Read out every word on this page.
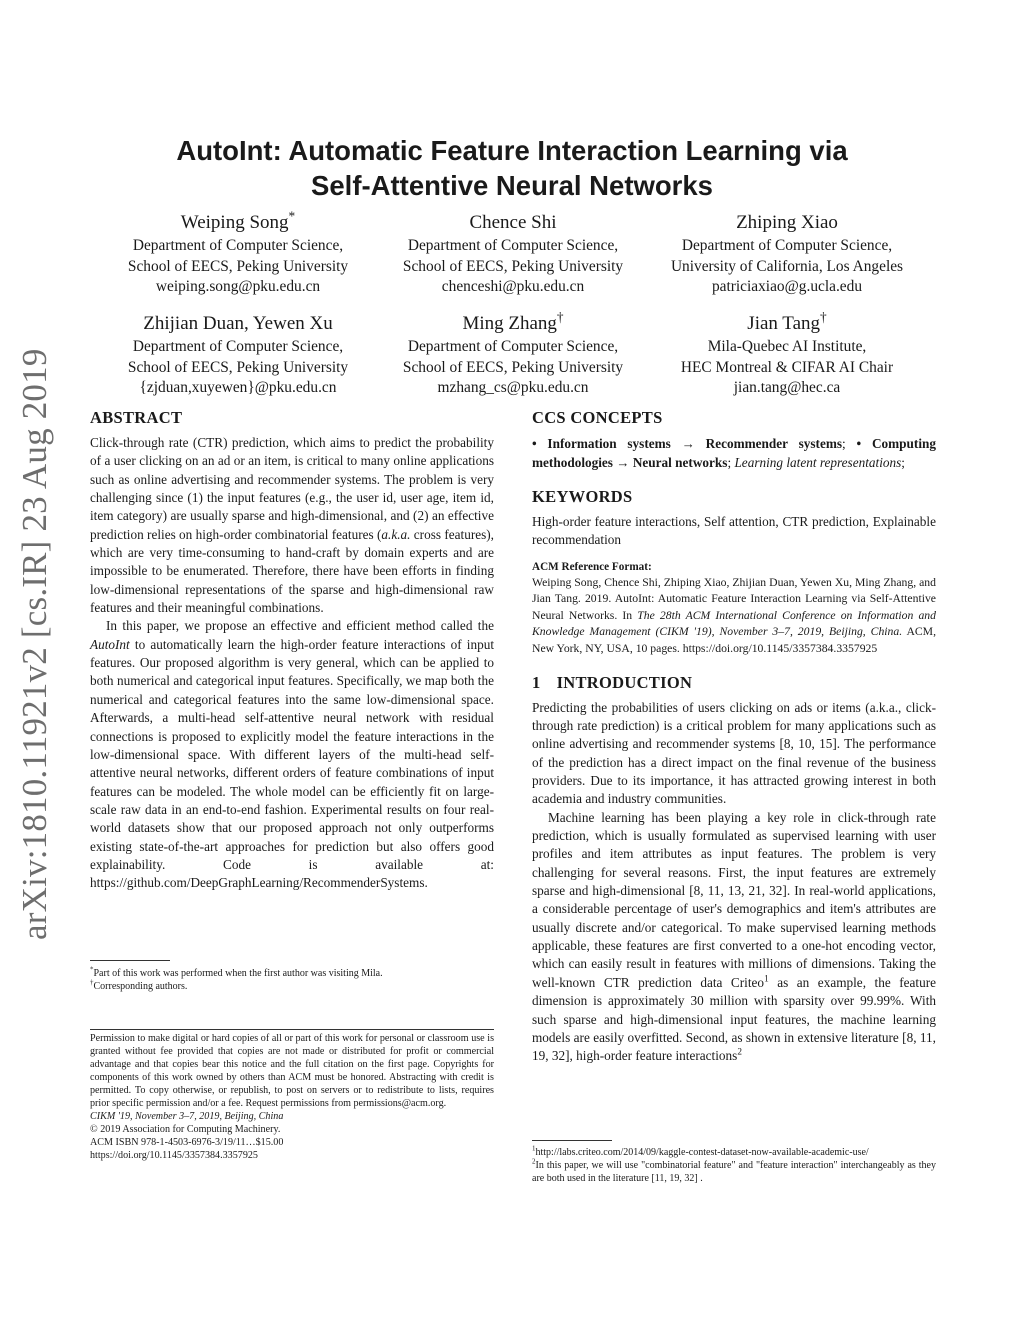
arXiv:1810.11921v2 [cs.IR] 23 Aug 2019
AutoInt: Automatic Feature Interaction Learning via
Self-Attentive Neural Networks
Weiping Song*
Department of Computer Science,
School of EECS, Peking University
weiping.song@pku.edu.cn
Chence Shi
Department of Computer Science,
School of EECS, Peking University
chenceshi@pku.edu.cn
Zhiping Xiao
Department of Computer Science,
University of California, Los Angeles
patriciaxiao@g.ucla.edu
Zhijian Duan, Yewen Xu
Department of Computer Science,
School of EECS, Peking University
{zjduan,xuyewen}@pku.edu.cn
Ming Zhang†
Department of Computer Science,
School of EECS, Peking University
mzhang_cs@pku.edu.cn
Jian Tang†
Mila-Quebec AI Institute,
HEC Montreal & CIFAR AI Chair
jian.tang@hec.ca
ABSTRACT

Click-through rate (CTR) prediction, which aims to predict the probability of a user clicking on an ad or an item, is critical to many online applications such as online advertising and recommender systems. The problem is very challenging since (1) the input features (e.g., the user id, user age, item id, item category) are usually sparse and high-dimensional, and (2) an effective prediction relies on high-order combinatorial features (a.k.a. cross features), which are very time-consuming to hand-craft by domain experts and are impossible to be enumerated. Therefore, there have been efforts in finding low-dimensional representations of the sparse and high-dimensional raw features and their meaningful combinations.

In this paper, we propose an effective and efficient method called the AutoInt to automatically learn the high-order feature interactions of input features. Our proposed algorithm is very general, which can be applied to both numerical and categorical input features. Specifically, we map both the numerical and categorical features into the same low-dimensional space. Afterwards, a multi-head self-attentive neural network with residual connections is proposed to explicitly model the feature interactions in the low-dimensional space. With different layers of the multi-head self-attentive neural networks, different orders of feature combinations of input features can be modeled. The whole model can be efficiently fit on large-scale raw data in an end-to-end fashion. Experimental results on four real-world datasets show that our proposed approach not only outperforms existing state-of-the-art approaches for prediction but also offers good explainability. Code is available at: https://github.com/DeepGraphLearning/RecommenderSystems.

*Part of this work was performed when the first author was visiting Mila.
†Corresponding authors.
Permission to make digital or hard copies of all or part of this work for personal or classroom use is granted without fee provided that copies are not made or distributed for profit or commercial advantage and that copies bear this notice and the full citation on the first page. Copyrights for components of this work owned by others than ACM must be honored. Abstracting with credit is permitted. To copy otherwise, or republish, to post on servers or to redistribute to lists, requires prior specific permission and/or a fee. Request permissions from permissions@acm.org.
CIKM '19, November 3–7, 2019, Beijing, China
© 2019 Association for Computing Machinery.
ACM ISBN 978-1-4503-6976-3/19/11…$15.00
https://doi.org/10.1145/3357384.3357925
CCS CONCEPTS

• Information systems → Recommender systems; • Computing methodologies → Neural networks; Learning latent representations;

KEYWORDS

High-order feature interactions, Self attention, CTR prediction, Explainable recommendation

ACM Reference Format:

Weiping Song, Chence Shi, Zhiping Xiao, Zhijian Duan, Yewen Xu, Ming Zhang, and Jian Tang. 2019. AutoInt: Automatic Feature Interaction Learning via Self-Attentive Neural Networks. In The 28th ACM International Conference on Information and Knowledge Management (CIKM '19), November 3–7, 2019, Beijing, China. ACM, New York, NY, USA, 10 pages. https://doi.org/10.1145/3357384.3357925

1 INTRODUCTION

Predicting the probabilities of users clicking on ads or items (a.k.a., click-through rate prediction) is a critical problem for many applications such as online advertising and recommender systems [8, 10, 15]. The performance of the prediction has a direct impact on the final revenue of the business providers. Due to its importance, it has attracted growing interest in both academia and industry communities.

Machine learning has been playing a key role in click-through rate prediction, which is usually formulated as supervised learning with user profiles and item attributes as input features. The problem is very challenging for several reasons. First, the input features are extremely sparse and high-dimensional [8, 11, 13, 21, 32]. In real-world applications, a considerable percentage of user's demographics and item's attributes are usually discrete and/or categorical. To make supervised learning methods applicable, these features are first converted to a one-hot encoding vector, which can easily result in features with millions of dimensions. Taking the well-known CTR prediction data Criteo$^1$ as an example, the feature dimension is approximately 30 million with sparsity over 99.99%. With such sparse and high-dimensional input features, the machine learning models are easily overfitted. Second, as shown in extensive literature [8, 11, 19, 32], high-order feature interactions$^2$

$^1$http://labs.criteo.com/2014/09/kaggle-contest-dataset-now-available-academic-use/
$^2$In this paper, we will use "combinatorial feature" and "feature interaction" interchangeably as they are both used in the literature [11, 19, 32] .
